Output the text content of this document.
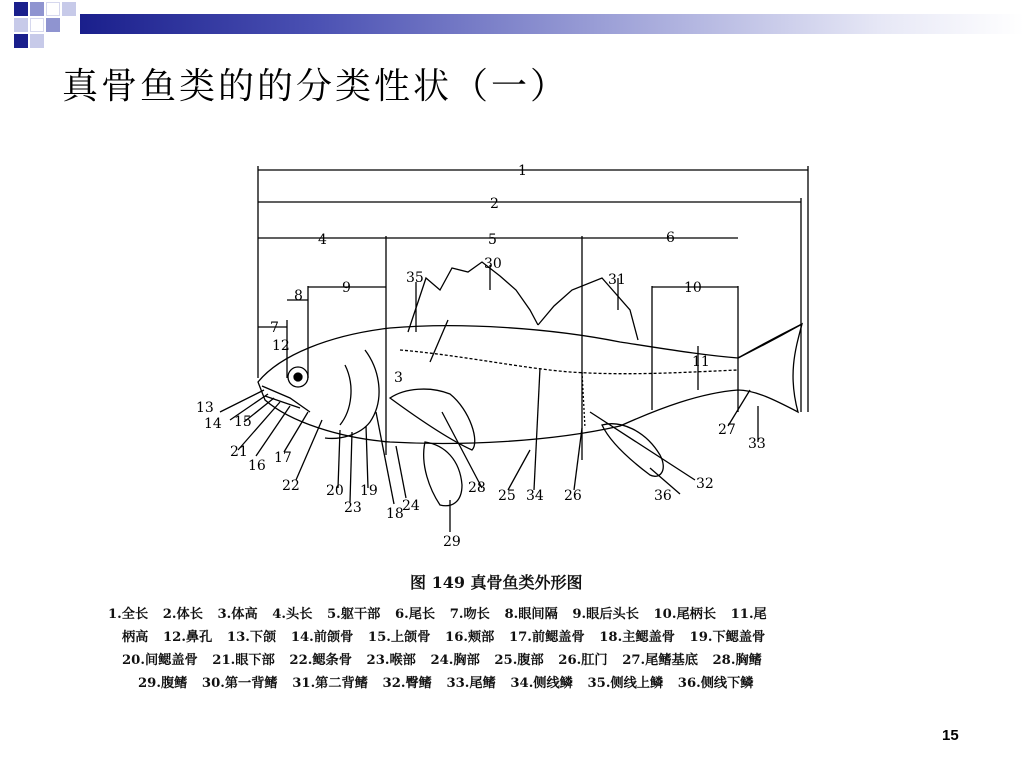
真骨鱼类的的分类性状（一）
1
2
3
4	5	6
7
8	9	10
11
12
13
14 15
16 17
18
19
20
21
22
23	24
25	26
27
28
29
30
31
32
33
34
35
36
图 149 真骨鱼类外形图
1.全长 2.体长 3.体高 4.头长 5.躯干部 6.尾长 7.吻长 8.眼间隔 9.眼后头长 10.尾柄长 11.尾
柄高 12.鼻孔 13.下颌 14.前颌骨 15.上颌骨 16.颊部 17.前鳃盖骨 18.主鳃盖骨 19.下鳃盖骨
20.间鳃盖骨 21.眼下部 22.鳃条骨 23.喉部 24.胸部 25.腹部 26.肛门 27.尾鳍基底 28.胸鳍
29.腹鳍 30.第一背鳍 31.第二背鳍 32.臀鳍 33.尾鳍 34.侧线鳞 35.侧线上鳞 36.侧线下鳞
15
